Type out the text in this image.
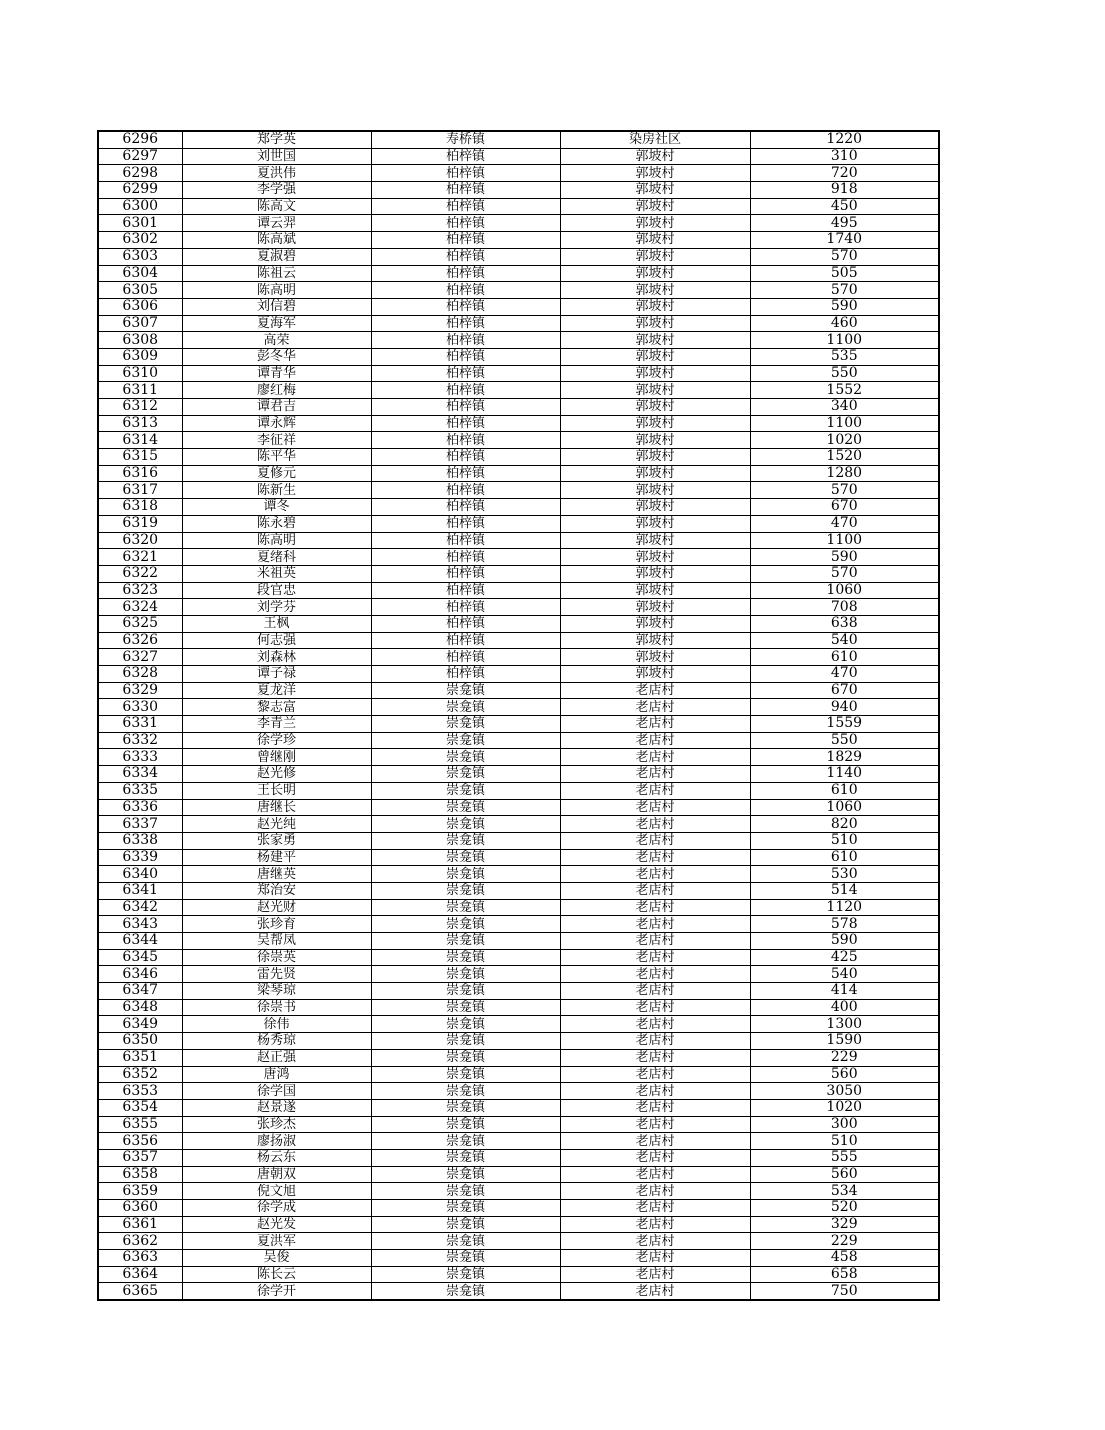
6296	郑学英	寿桥镇	染房社区	1220
6297	刘世国	柏梓镇	郭坡村	310
6298	夏洪伟	柏梓镇	郭坡村	720
6299	李学强	柏梓镇	郭坡村	918
6300	陈高文	柏梓镇	郭坡村	450
6301	谭云羿	柏梓镇	郭坡村	495
6302	陈高斌	柏梓镇	郭坡村	1740
6303	夏淑碧	柏梓镇	郭坡村	570
6304	陈祖云	柏梓镇	郭坡村	505
6305	陈高明	柏梓镇	郭坡村	570
6306	刘信碧	柏梓镇	郭坡村	590
6307	夏海军	柏梓镇	郭坡村	460
6308	高荣	柏梓镇	郭坡村	1100
6309	彭冬华	柏梓镇	郭坡村	535
6310	谭青华	柏梓镇	郭坡村	550
6311	廖红梅	柏梓镇	郭坡村	1552
6312	谭君吉	柏梓镇	郭坡村	340
6313	谭永辉	柏梓镇	郭坡村	1100
6314	李征祥	柏梓镇	郭坡村	1020
6315	陈平华	柏梓镇	郭坡村	1520
6316	夏修元	柏梓镇	郭坡村	1280
6317	陈新生	柏梓镇	郭坡村	570
6318	谭冬	柏梓镇	郭坡村	670
6319	陈永碧	柏梓镇	郭坡村	470
6320	陈高明	柏梓镇	郭坡村	1100
6321	夏绪科	柏梓镇	郭坡村	590
6322	米祖英	柏梓镇	郭坡村	570
6323	段官忠	柏梓镇	郭坡村	1060
6324	刘学芬	柏梓镇	郭坡村	708
6325	王枫	柏梓镇	郭坡村	638
6326	何志强	柏梓镇	郭坡村	540
6327	刘森林	柏梓镇	郭坡村	610
6328	谭子禄	柏梓镇	郭坡村	470
6329	夏龙洋	崇龛镇	老店村	670
6330	黎志富	崇龛镇	老店村	940
6331	李青兰	崇龛镇	老店村	1559
6332	徐学珍	崇龛镇	老店村	550
6333	曾继刚	崇龛镇	老店村	1829
6334	赵光修	崇龛镇	老店村	1140
6335	王长明	崇龛镇	老店村	610
6336	唐继长	崇龛镇	老店村	1060
6337	赵光纯	崇龛镇	老店村	820
6338	张家勇	崇龛镇	老店村	510
6339	杨建平	崇龛镇	老店村	610
6340	唐继英	崇龛镇	老店村	530
6341	郑治安	崇龛镇	老店村	514
6342	赵光财	崇龛镇	老店村	1120
6343	张珍育	崇龛镇	老店村	578
6344	吴帮凤	崇龛镇	老店村	590
6345	徐崇英	崇龛镇	老店村	425
6346	雷先贤	崇龛镇	老店村	540
6347	梁琴琼	崇龛镇	老店村	414
6348	徐崇书	崇龛镇	老店村	400
6349	徐伟	崇龛镇	老店村	1300
6350	杨秀琼	崇龛镇	老店村	1590
6351	赵正强	崇龛镇	老店村	229
6352	唐鸿	崇龛镇	老店村	560
6353	徐学国	崇龛镇	老店村	3050
6354	赵景遂	崇龛镇	老店村	1020
6355	张珍杰	崇龛镇	老店村	300
6356	廖扬淑	崇龛镇	老店村	510
6357	杨云东	崇龛镇	老店村	555
6358	唐朝双	崇龛镇	老店村	560
6359	倪文旭	崇龛镇	老店村	534
6360	徐学成	崇龛镇	老店村	520
6361	赵光发	崇龛镇	老店村	329
6362	夏洪军	崇龛镇	老店村	229
6363	吴俊	崇龛镇	老店村	458
6364	陈长云	崇龛镇	老店村	658
6365	徐学开	崇龛镇	老店村	750
